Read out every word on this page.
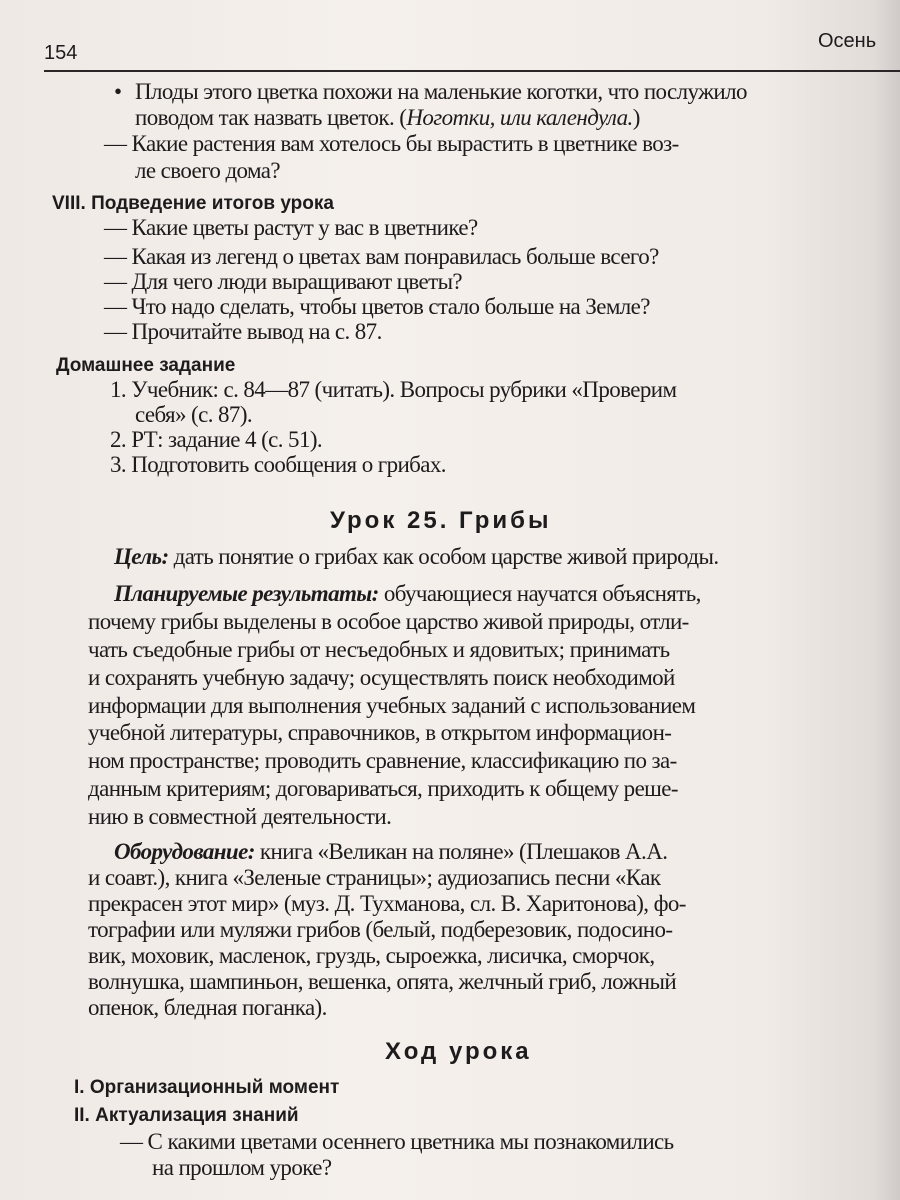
154
Осень
• Плоды этого цветка похожи на маленькие коготки, что послужило
поводом так назвать цветок. (Ноготки, или календула.)
— Какие растения вам хотелось бы вырастить в цветнике воз-
ле своего дома?
VIII. Подведение итогов урока
— Какие цветы растут у вас в цветнике?
— Какая из легенд о цветах вам понравилась больше всего?
— Для чего люди выращивают цветы?
— Что надо сделать, чтобы цветов стало больше на Земле?
— Прочитайте вывод на с. 87.
Домашнее задание
1. Учебник: с. 84—87 (читать). Вопросы рубрики «Проверим
себя» (с. 87).
2. РТ: задание 4 (с. 51).
3. Подготовить сообщения о грибах.
Урок 25. Грибы
Цель: дать понятие о грибах как особом царстве живой природы.
Планируемые результаты: обучающиеся научатся объяснять,
почему грибы выделены в особое царство живой природы, отли-
чать съедобные грибы от несъедобных и ядовитых; принимать
и сохранять учебную задачу; осуществлять поиск необходимой
информации для выполнения учебных заданий с использованием
учебной литературы, справочников, в открытом информацион-
ном пространстве; проводить сравнение, классификацию по за-
данным критериям; договариваться, приходить к общему реше-
нию в совместной деятельности.
Оборудование: книга «Великан на поляне» (Плешаков А.А.
и соавт.), книга «Зеленые страницы»; аудиозапись песни «Как
прекрасен этот мир» (муз. Д. Тухманова, сл. В. Харитонова), фо-
тографии или муляжи грибов (белый, подберезовик, подосино-
вик, моховик, масленок, груздь, сыроежка, лисичка, сморчок,
волнушка, шампиньон, вешенка, опята, желчный гриб, ложный
опенок, бледная поганка).
Ход урока
I. Организационный момент
II. Актуализация знаний
— С какими цветами осеннего цветника мы познакомились
на прошлом уроке?
